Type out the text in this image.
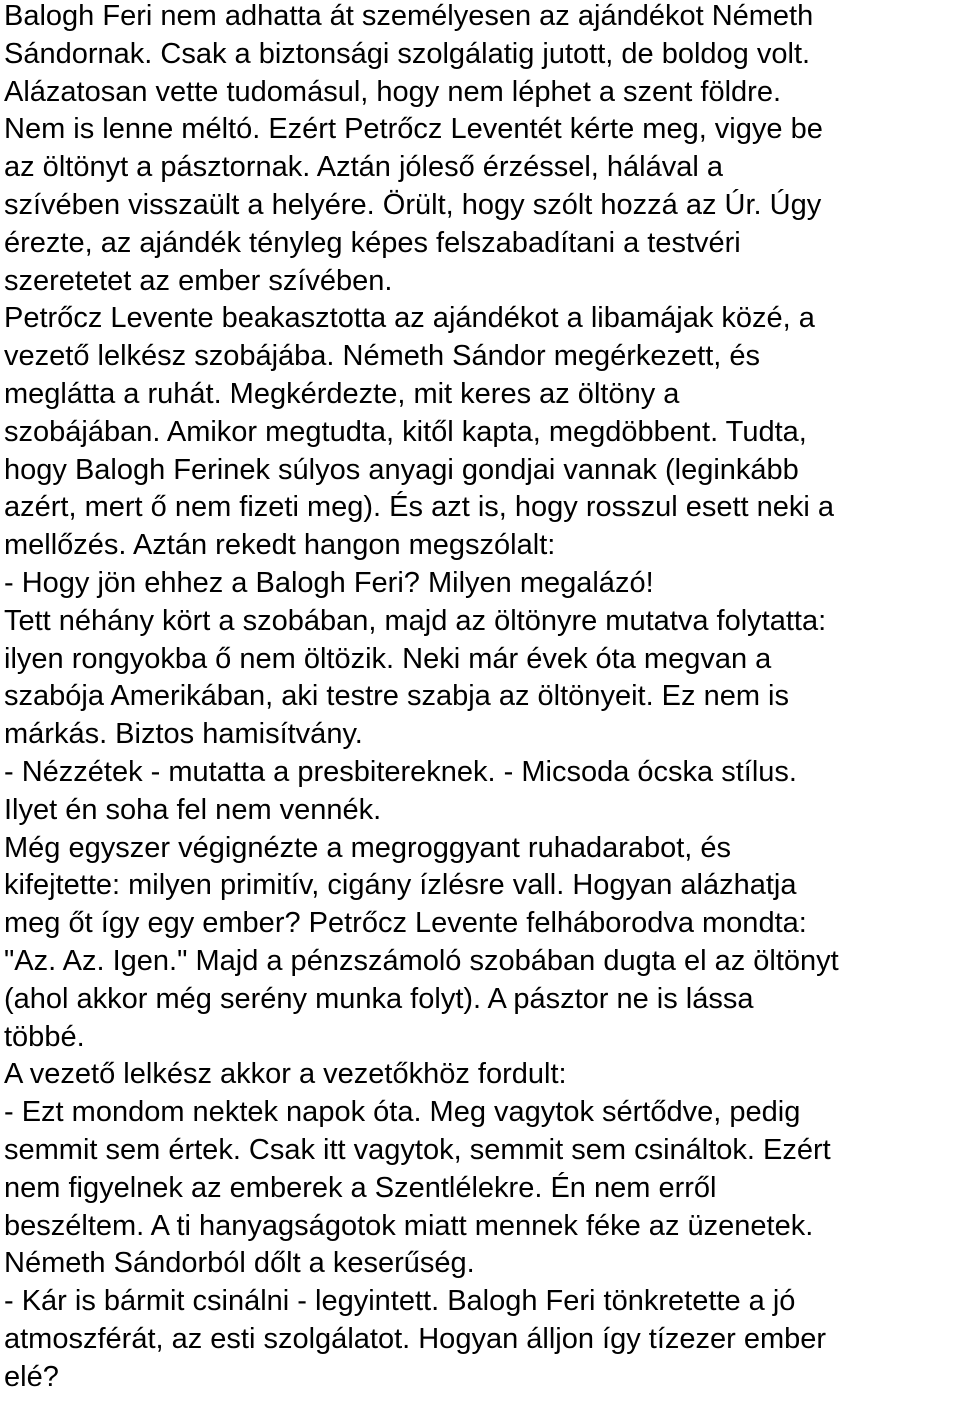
Balogh Feri nem adhatta át személyesen az ajándékot Németh
Sándornak. Csak a biztonsági szolgálatig jutott, de boldog volt.
Alázatosan vette tudomásul, hogy nem léphet a szent földre.
Nem is lenne méltó. Ezért Petrőcz Leventét kérte meg, vigye be
az öltönyt a pásztornak. Aztán jóleső érzéssel, hálával a
szívében visszaült a helyére. Örült, hogy szólt hozzá az Úr. Úgy
érezte, az ajándék tényleg képes felszabadítani a testvéri
szeretetet az ember szívében.
Petrőcz Levente beakasztotta az ajándékot a libamájak közé, a
vezető lelkész szobájába. Németh Sándor megérkezett, és
meglátta a ruhát. Megkérdezte, mit keres az öltöny a
szobájában. Amikor megtudta, kitől kapta, megdöbbent. Tudta,
hogy Balogh Ferinek súlyos anyagi gondjai vannak (leginkább
azért, mert ő nem fizeti meg). És azt is, hogy rosszul esett neki a
mellőzés. Aztán rekedt hangon megszólalt:
- Hogy jön ehhez a Balogh Feri? Milyen megalázó!
Tett néhány kört a szobában, majd az öltönyre mutatva folytatta:
ilyen rongyokba ő nem öltözik. Neki már évek óta megvan a
szabója Amerikában, aki testre szabja az öltönyeit. Ez nem is
márkás. Biztos hamisítvány.
- Nézzétek - mutatta a presbitereknek. - Micsoda ócska stílus.
Ilyet én soha fel nem vennék.
Még egyszer végignézte a megroggyant ruhadarabot, és
kifejtette: milyen primitív, cigány ízlésre vall. Hogyan alázhatja
meg őt így egy ember? Petrőcz Levente felháborodva mondta:
"Az. Az. Igen." Majd a pénzszámoló szobában dugta el az öltönyt
(ahol akkor még serény munka folyt). A pásztor ne is lássa
többé.
A vezető lelkész akkor a vezetőkhöz fordult:
- Ezt mondom nektek napok óta. Meg vagytok sértődve, pedig
semmit sem értek. Csak itt vagytok, semmit sem csináltok. Ezért
nem figyelnek az emberek a Szentlélekre. Én nem erről
beszéltem. A ti hanyagságotok miatt mennek féke az üzenetek.
Németh Sándorból dőlt a keserűség.
- Kár is bármit csinálni - legyintett. Balogh Feri tönkretette a jó
atmoszférát, az esti szolgálatot. Hogyan álljon így tízezer ember
elé?
